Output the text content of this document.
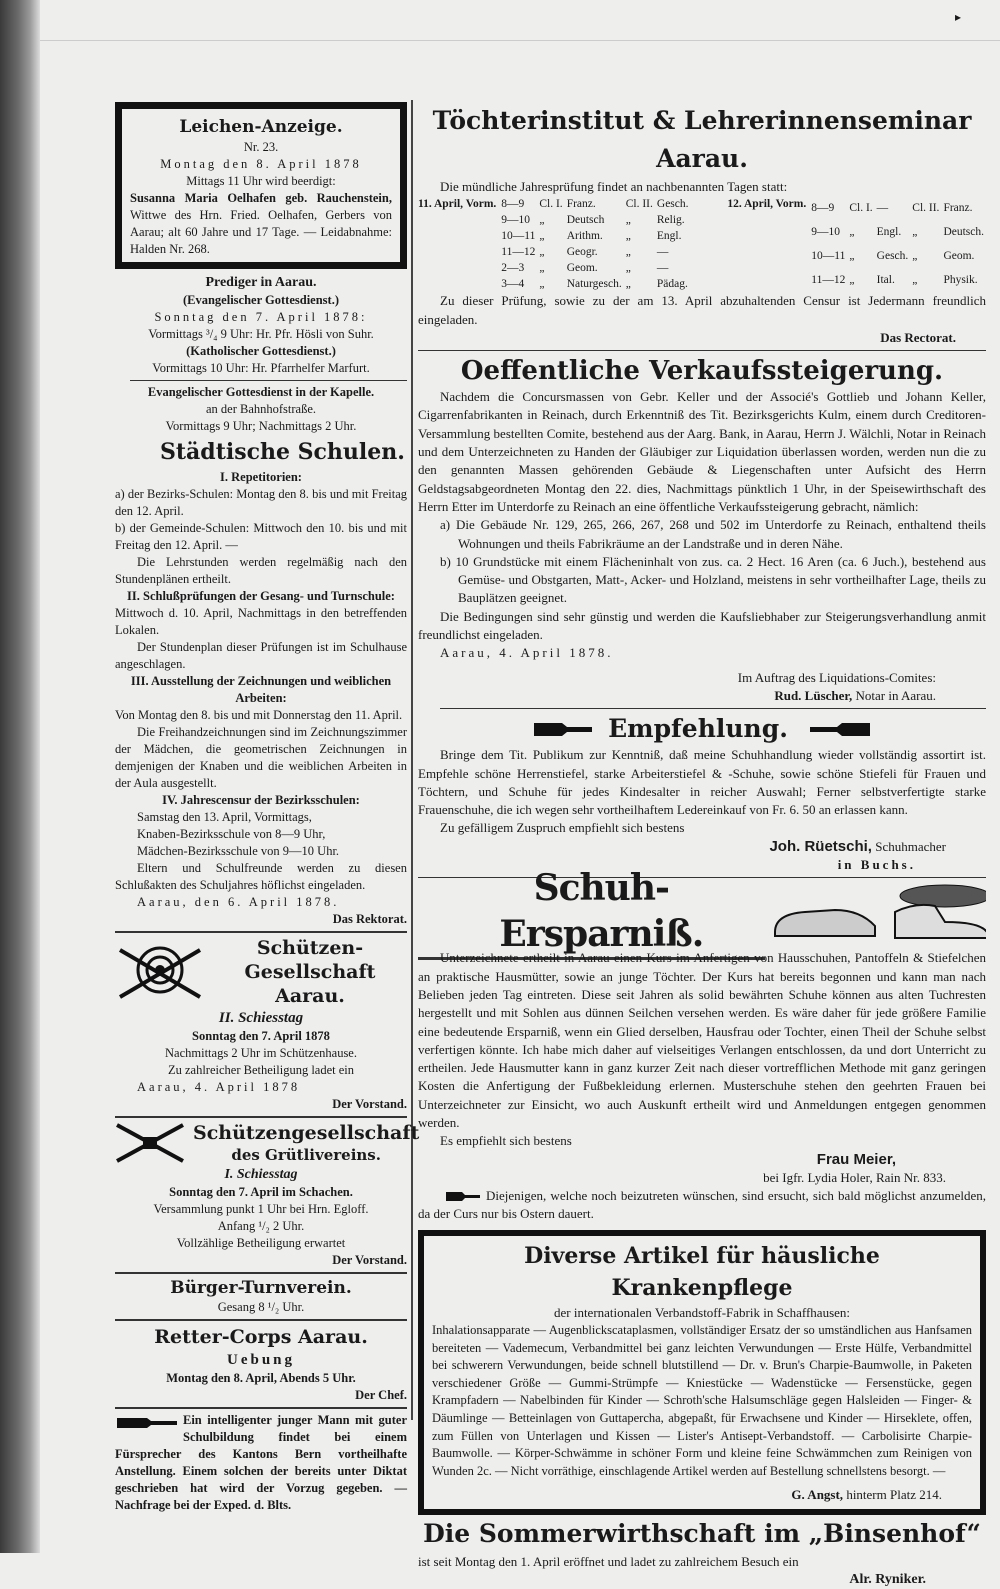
▸
Leichen-Anzeige.
Nr. 23.
Montag den 8. April 1878
Mittags 11 Uhr wird beerdigt:
Susanna Maria Oelhafen geb. Rauchenstein, Wittwe des Hrn. Fried. Oelhafen, Gerbers von Aarau; alt 60 Jahre und 17 Tage. — Leidabnahme: Halden Nr. 268.
Prediger in Aarau.
(Evangelischer Gottesdienst.)
Sonntag den 7. April 1878:
Vormittags ³/₄ 9 Uhr: Hr. Pfr. Hösli von Suhr.
(Katholischer Gottesdienst.)
Vormittags 10 Uhr: Hr. Pfarrhelfer Marfurt.
Evangelischer Gottesdienst in der Kapelle.
an der Bahnhofstraße.
Vormittags 9 Uhr; Nachmittags 2 Uhr.
Städtische Schulen.
I. Repetitorien:
a) der Bezirks-Schulen: Montag den 8. bis und mit Freitag den 12. April.
b) der Gemeinde-Schulen: Mittwoch den 10. bis und mit Freitag den 12. April. —
Die Lehrstunden werden regelmäßig nach den Stundenplänen ertheilt.
II. Schlußprüfungen der Gesang- und Turnschule:
Mittwoch d. 10. April, Nachmittags in den betreffenden Lokalen.
Der Stundenplan dieser Prüfungen ist im Schulhause angeschlagen.
III. Ausstellung der Zeichnungen und weiblichen Arbeiten:
Von Montag den 8. bis und mit Donnerstag den 11. April.
Die Freihandzeichnungen sind im Zeichnungszimmer der Mädchen, die geometrischen Zeichnungen in demjenigen der Knaben und die weiblichen Arbeiten in der Aula ausgestellt.
IV. Jahrescensur der Bezirksschulen:
Samstag den 13. April, Vormittags,
Knaben-Bezirksschule von 8—9 Uhr,
Mädchen-Bezirksschule von 9—10 Uhr.
Eltern und Schulfreunde werden zu diesen Schlußakten des Schuljahres höflichst eingeladen.
Aarau, den 6. April 1878.
Das Rektorat.
Schützen-Gesellschaft Aarau.
II. Schiesstag
Sonntag den 7. April 1878
Nachmittags 2 Uhr im Schützenhause.
Zu zahlreicher Betheiligung ladet ein
Aarau, 4. April 1878
Der Vorstand.
Schützengesellschaft
des Grütlivereins.
I. Schiesstag
Sonntag den 7. April im Schachen.
Versammlung punkt 1 Uhr bei Hrn. Egloff.
Anfang ¹/₂ 2 Uhr.
Vollzählige Betheiligung erwartet
Der Vorstand.
Bürger-Turnverein.
Gesang 8 ¹/₂ Uhr.
Retter-Corps Aarau.
Uebung
Montag den 8. April, Abends 5 Uhr.
Der Chef.
Ein intelligenter junger Mann mit guter Schulbildung findet bei einem Fürsprecher des Kantons Bern vortheilhafte Anstellung. Einem solchen der bereits unter Diktat geschrieben hat wird der Vorzug gegeben. — Nachfrage bei der Exped. d. Blts.
Töchterinstitut & Lehrerinnenseminar Aarau.
Die mündliche Jahresprüfung findet an nachbenannten Tagen statt:
11. April, Vorm. 8—9	Cl. I.	Franz.	Cl. II.	Gesch.
9—10	„	Deutsch	„	Relig.
10—11	„	Arithm.	„	Engl.
11—12	„	Geogr.	„	—
2—3	„	Geom.	„	—
3—4	„	Naturgesch.	„	Pädag.
12. April, Vorm. 8—9	Cl. I.	—	Cl. II.	Franz.
9—10	„	Engl.	„	Deutsch.
10—11	„	Gesch.	„	Geom.
11—12	„	Ital.	„	Physik.
Zu dieser Prüfung, sowie zu der am 13. April abzuhaltenden Censur ist Jedermann freundlich eingeladen.
Das Rectorat.
Oeffentliche Verkaufssteigerung.
Nachdem die Concursmassen von Gebr. Keller und der Associé's Gottlieb und Johann Keller, Cigarrenfabrikanten in Reinach, durch Erkenntniß des Tit. Bezirksgerichts Kulm, einem durch Creditoren-Versammlung bestellten Comite, bestehend aus der Aarg. Bank, in Aarau, Herrn J. Wälchli, Notar in Reinach und dem Unterzeichneten zu Handen der Gläubiger zur Liquidation überlassen worden, werden nun die zu den genannten Massen gehörenden Gebäude & Liegenschaften unter Aufsicht des Herrn Geldstagsabgeordneten Montag den 22. dies, Nachmittags pünktlich 1 Uhr, in der Speisewirthschaft des Herrn Etter im Unterdorfe zu Reinach an eine öffentliche Verkaufssteigerung gebracht, nämlich:
a) Die Gebäude Nr. 129, 265, 266, 267, 268 und 502 im Unterdorfe zu Reinach, enthaltend theils Wohnungen und theils Fabrikräume an der Landstraße und in deren Nähe.
b) 10 Grundstücke mit einem Flächeninhalt von zus. ca. 2 Hect. 16 Aren (ca. 6 Juch.), bestehend aus Gemüse- und Obstgarten, Matt-, Acker- und Holzland, meistens in sehr vortheilhafter Lage, theils zu Bauplätzen geeignet.
Die Bedingungen sind sehr günstig und werden die Kaufsliebhaber zur Steigerungsverhandlung anmit freundlichst eingeladen.
Aarau, 4. April 1878.
Im Auftrag des Liquidations-Comites:
Rud. Lüscher, Notar in Aarau.
Empfehlung.
Bringe dem Tit. Publikum zur Kenntniß, daß meine Schuhhandlung wieder vollständig assortirt ist. Empfehle schöne Herrenstiefel, starke Arbeiterstiefel & -Schuhe, sowie schöne Stiefeli für Frauen und Töchtern, und Schuhe für jedes Kindesalter in reicher Auswahl; Ferner selbstverfertigte starke Frauenschuhe, die ich wegen sehr vortheilhaftem Ledereinkauf von Fr. 6. 50 an erlassen kann.
Zu gefälligem Zuspruch empfiehlt sich bestens
Joh. Rüetschi, Schuhmacher
in Buchs.
Schuh-Ersparniß.
Unterzeichnete ertheilt in Aarau einen Kurs im Anfertigen von Hausschuhen, Pantoffeln & Stiefelchen an praktische Hausmütter, sowie an junge Töchter. Der Kurs hat bereits begonnen und kann man nach Belieben jeden Tag eintreten. Diese seit Jahren als solid bewährten Schuhe können aus alten Tuchresten hergestellt und mit Sohlen aus dünnen Seilchen versehen werden. Es wäre daher für jede größere Familie eine bedeutende Ersparniß, wenn ein Glied derselben, Hausfrau oder Tochter, einen Theil der Schuhe selbst verfertigen könnte. Ich habe mich daher auf vielseitiges Verlangen entschlossen, da und dort Unterricht zu ertheilen. Jede Hausmutter kann in ganz kurzer Zeit nach dieser vortrefflichen Methode mit ganz geringen Kosten die Anfertigung der Fußbekleidung erlernen. Musterschuhe stehen den geehrten Frauen bei Unterzeichneter zur Einsicht, wo auch Auskunft ertheilt wird und Anmeldungen entgegen genommen werden.
Es empfiehlt sich bestens
Frau Meier,
bei Igfr. Lydia Holer, Rain Nr. 833.
Diejenigen, welche noch beizutreten wünschen, sind ersucht, sich bald möglichst anzumelden, da der Curs nur bis Ostern dauert.
Diverse Artikel für häusliche Krankenpflege
der internationalen Verbandstoff-Fabrik in Schaffhausen:
Inhalationsapparate — Augenblickscataplasmen, vollständiger Ersatz der so umständlichen aus Hanfsamen bereiteten — Vademecum, Verbandmittel bei ganz leichten Verwundungen — Erste Hülfe, Verbandmittel bei schwerern Verwundungen, beide schnell blutstillend — Dr. v. Brun's Charpie-Baumwolle, in Paketen verschiedener Größe — Gummi-Strümpfe — Kniestücke — Wadenstücke — Fersenstücke, gegen Krampfadern — Nabelbinden für Kinder — Schroth'sche Halsumschläge gegen Halsleiden — Finger- & Däumlinge — Betteinlagen von Guttapercha, abgepaßt, für Erwachsene und Kinder — Hirseklete, offen, zum Füllen von Unterlagen und Kissen — Lister's Antisept-Verbandstoff. — Carbolisirte Charpie-Baumwolle. — Körper-Schwämme in schöner Form und kleine feine Schwämmchen zum Reinigen von Wunden 2c. — Nicht vorräthige, einschlagende Artikel werden auf Bestellung schnellstens besorgt. —
G. Angst, hinterm Platz 214.
Die Sommerwirthschaft im „Binsenhof“
ist seit Montag den 1. April eröffnet und ladet zu zahlreichem Besuch ein
Alr. Ryniker.
